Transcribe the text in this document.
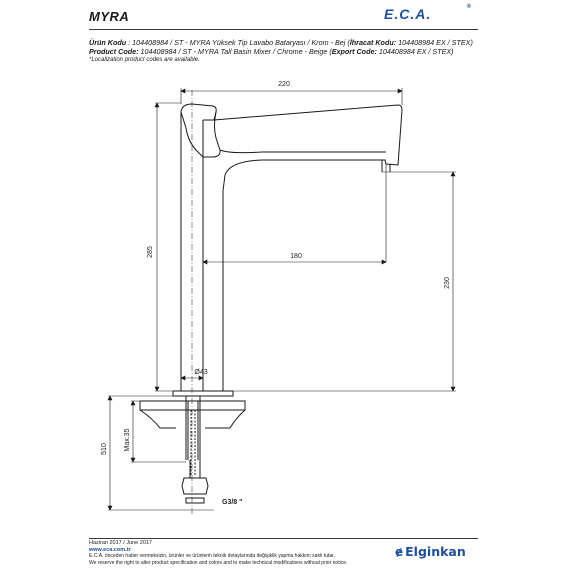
MYRA	E.C.A.	®
Ürün Kodu : 104408984 / ST - MYRA Yüksek Tip Lavabo Bataryası / Krom - Bej (İhracat Kodu: 104408984 EX / STEX)
Product Code: 104408984 / ST - MYRA Tall Basin Mixer / Chrome - Beige (Export Code: 104408984 EX / STEX)
*Localization product codes are available.
220
180
285
230
Ø43
510 Max.35
G3/8 "
Haziran 2017 / June 2017
www.eca.com.tr
E.C.A. önceden haber vermeksizin, ürünler ve ürünlerin teknik detaylarında değişiklik yapma hakkını saklı tutar.
We reserve the right to alter product specification and colors and to make technical modifications without prior notice.
ɇ Elginkan
